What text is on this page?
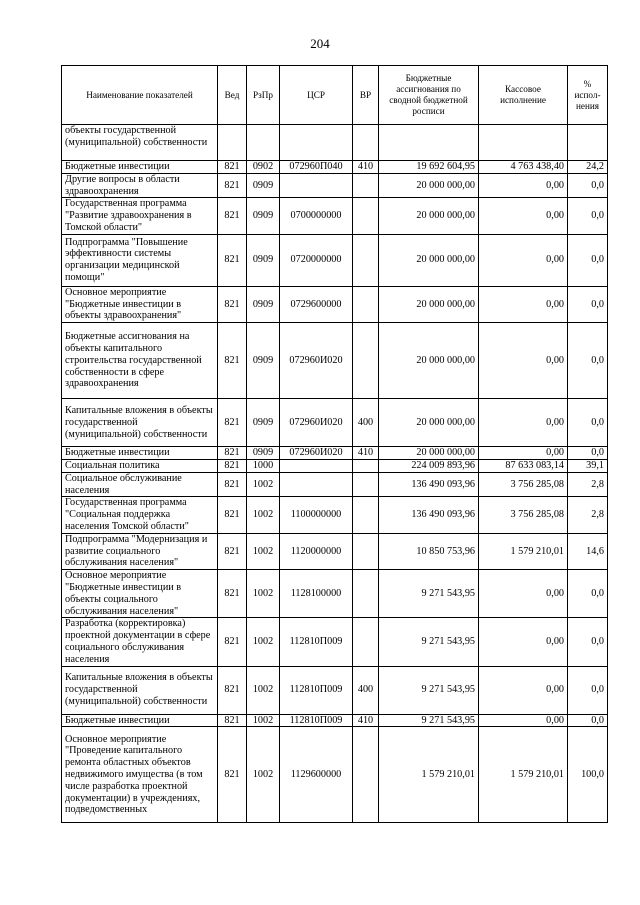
204
Наименование показателей	Вед	РзПр	ЦСР	ВР	Бюджетные ассигнования по сводной бюджетной росписи	Кассовое исполнение	% испол-нения
объекты государственной (муниципальной) собственности							
Бюджетные инвестиции	821	0902	072960П040	410	19 692 604,95	4 763 438,40	24,2
Другие вопросы в области здравоохранения	821	0909			20 000 000,00	0,00	0,0
Государственная программа "Развитие здравоохранения в Томской области"	821	0909	0700000000		20 000 000,00	0,00	0,0
Подпрограмма "Повышение эффективности системы организации медицинской помощи"	821	0909	0720000000		20 000 000,00	0,00	0,0
Основное мероприятие "Бюджетные инвестиции в объекты здравоохранения"	821	0909	0729600000		20 000 000,00	0,00	0,0
Бюджетные ассигнования на объекты капитального строительства государственной собственности в сфере здравоохранения	821	0909	072960И020		20 000 000,00	0,00	0,0
Капитальные вложения в объекты государственной (муниципальной) собственности	821	0909	072960И020	400	20 000 000,00	0,00	0,0
Бюджетные инвестиции	821	0909	072960И020	410	20 000 000,00	0,00	0,0
Социальная политика	821	1000			224 009 893,96	87 633 083,14	39,1
Социальное обслуживание населения	821	1002			136 490 093,96	3 756 285,08	2,8
Государственная программа "Социальная поддержка населения Томской области"	821	1002	1100000000		136 490 093,96	3 756 285,08	2,8
Подпрограмма "Модернизация и развитие социального обслуживания населения"	821	1002	1120000000		10 850 753,96	1 579 210,01	14,6
Основное мероприятие "Бюджетные инвестиции в объекты социального обслуживания населения"	821	1002	1128100000		9 271 543,95	0,00	0,0
Разработка (корректировка) проектной документации в сфере социального обслуживания населения	821	1002	112810П009		9 271 543,95	0,00	0,0
Капитальные вложения в объекты государственной (муниципальной) собственности	821	1002	112810П009	400	9 271 543,95	0,00	0,0
Бюджетные инвестиции	821	1002	112810П009	410	9 271 543,95	0,00	0,0
Основное мероприятие "Проведение капитального ремонта областных объектов недвижимого имущества (в том числе разработка проектной документации) в учреждениях, подведомственных	821	1002	1129600000		1 579 210,01	1 579 210,01	100,0
